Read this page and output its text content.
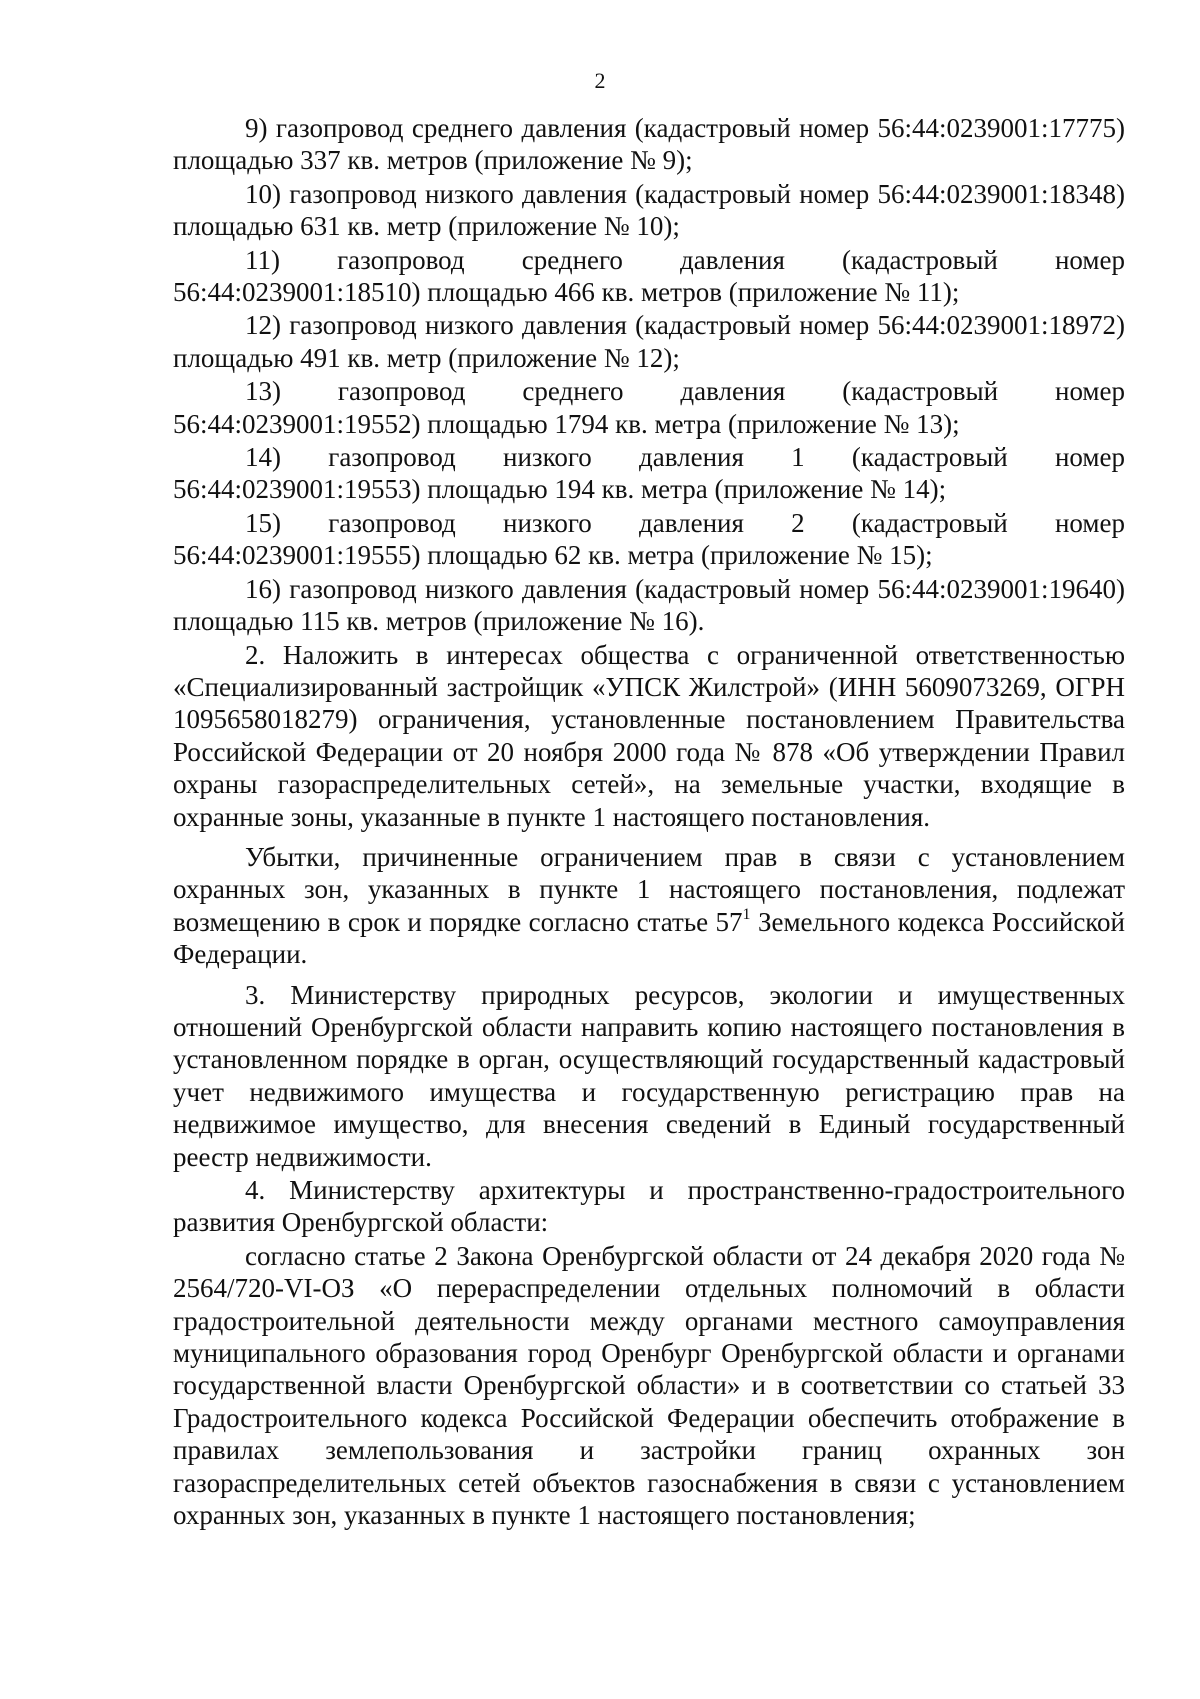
2

9) газопровод среднего давления (кадастровый номер 56:44:0239001:17775) площадью 337 кв. метров (приложение № 9);

10) газопровод низкого давления (кадастровый номер 56:44:0239001:18348) площадью 631 кв. метр (приложение № 10);

11) газопровод среднего давления (кадастровый номер 56:44:0239001:18510) площадью 466 кв. метров (приложение № 11);

12) газопровод низкого давления (кадастровый номер 56:44:0239001:18972) площадью 491 кв. метр (приложение № 12);

13) газопровод среднего давления (кадастровый номер 56:44:0239001:19552) площадью 1794 кв. метра (приложение № 13);

14) газопровод низкого давления 1 (кадастровый номер 56:44:0239001:19553) площадью 194 кв. метра (приложение № 14);

15) газопровод низкого давления 2 (кадастровый номер 56:44:0239001:19555) площадью 62 кв. метра (приложение № 15);

16) газопровод низкого давления (кадастровый номер 56:44:0239001:19640) площадью 115 кв. метров (приложение № 16).

2. Наложить в интересах общества с ограниченной ответственностью «Специализированный застройщик «УПСК Жилстрой» (ИНН 5609073269, ОГРН 1095658018279) ограничения, установленные постановлением Правительства Российской Федерации от 20 ноября 2000 года № 878 «Об утверждении Правил охраны газораспределительных сетей», на земельные участки, входящие в охранные зоны, указанные в пункте 1 настоящего постановления.

Убытки, причиненные ограничением прав в связи с установлением охранных зон, указанных в пункте 1 настоящего постановления, подлежат возмещению в срок и порядке согласно статье $57^1$ Земельного кодекса Российской Федерации.

3. Министерству природных ресурсов, экологии и имущественных отношений Оренбургской области направить копию настоящего постановления в установленном порядке в орган, осуществляющий государственный кадастровый учет недвижимого имущества и государственную регистрацию прав на недвижимое имущество, для внесения сведений в Единый государственный реестр недвижимости.

4. Министерству архитектуры и пространственно-градостроительного развития Оренбургской области:

согласно статье 2 Закона Оренбургской области от 24 декабря 2020 года № 2564/720-VI-ОЗ «О перераспределении отдельных полномочий в области градостроительной деятельности между органами местного самоуправления муниципального образования город Оренбург Оренбургской области и органами государственной власти Оренбургской области» и в соответствии со статьей 33 Градостроительного кодекса Российской Федерации обеспечить отображение в правилах землепользования и застройки границ охранных зон газораспределительных сетей объектов газоснабжения в связи с установлением охранных зон, указанных в пункте 1 настоящего постановления;
